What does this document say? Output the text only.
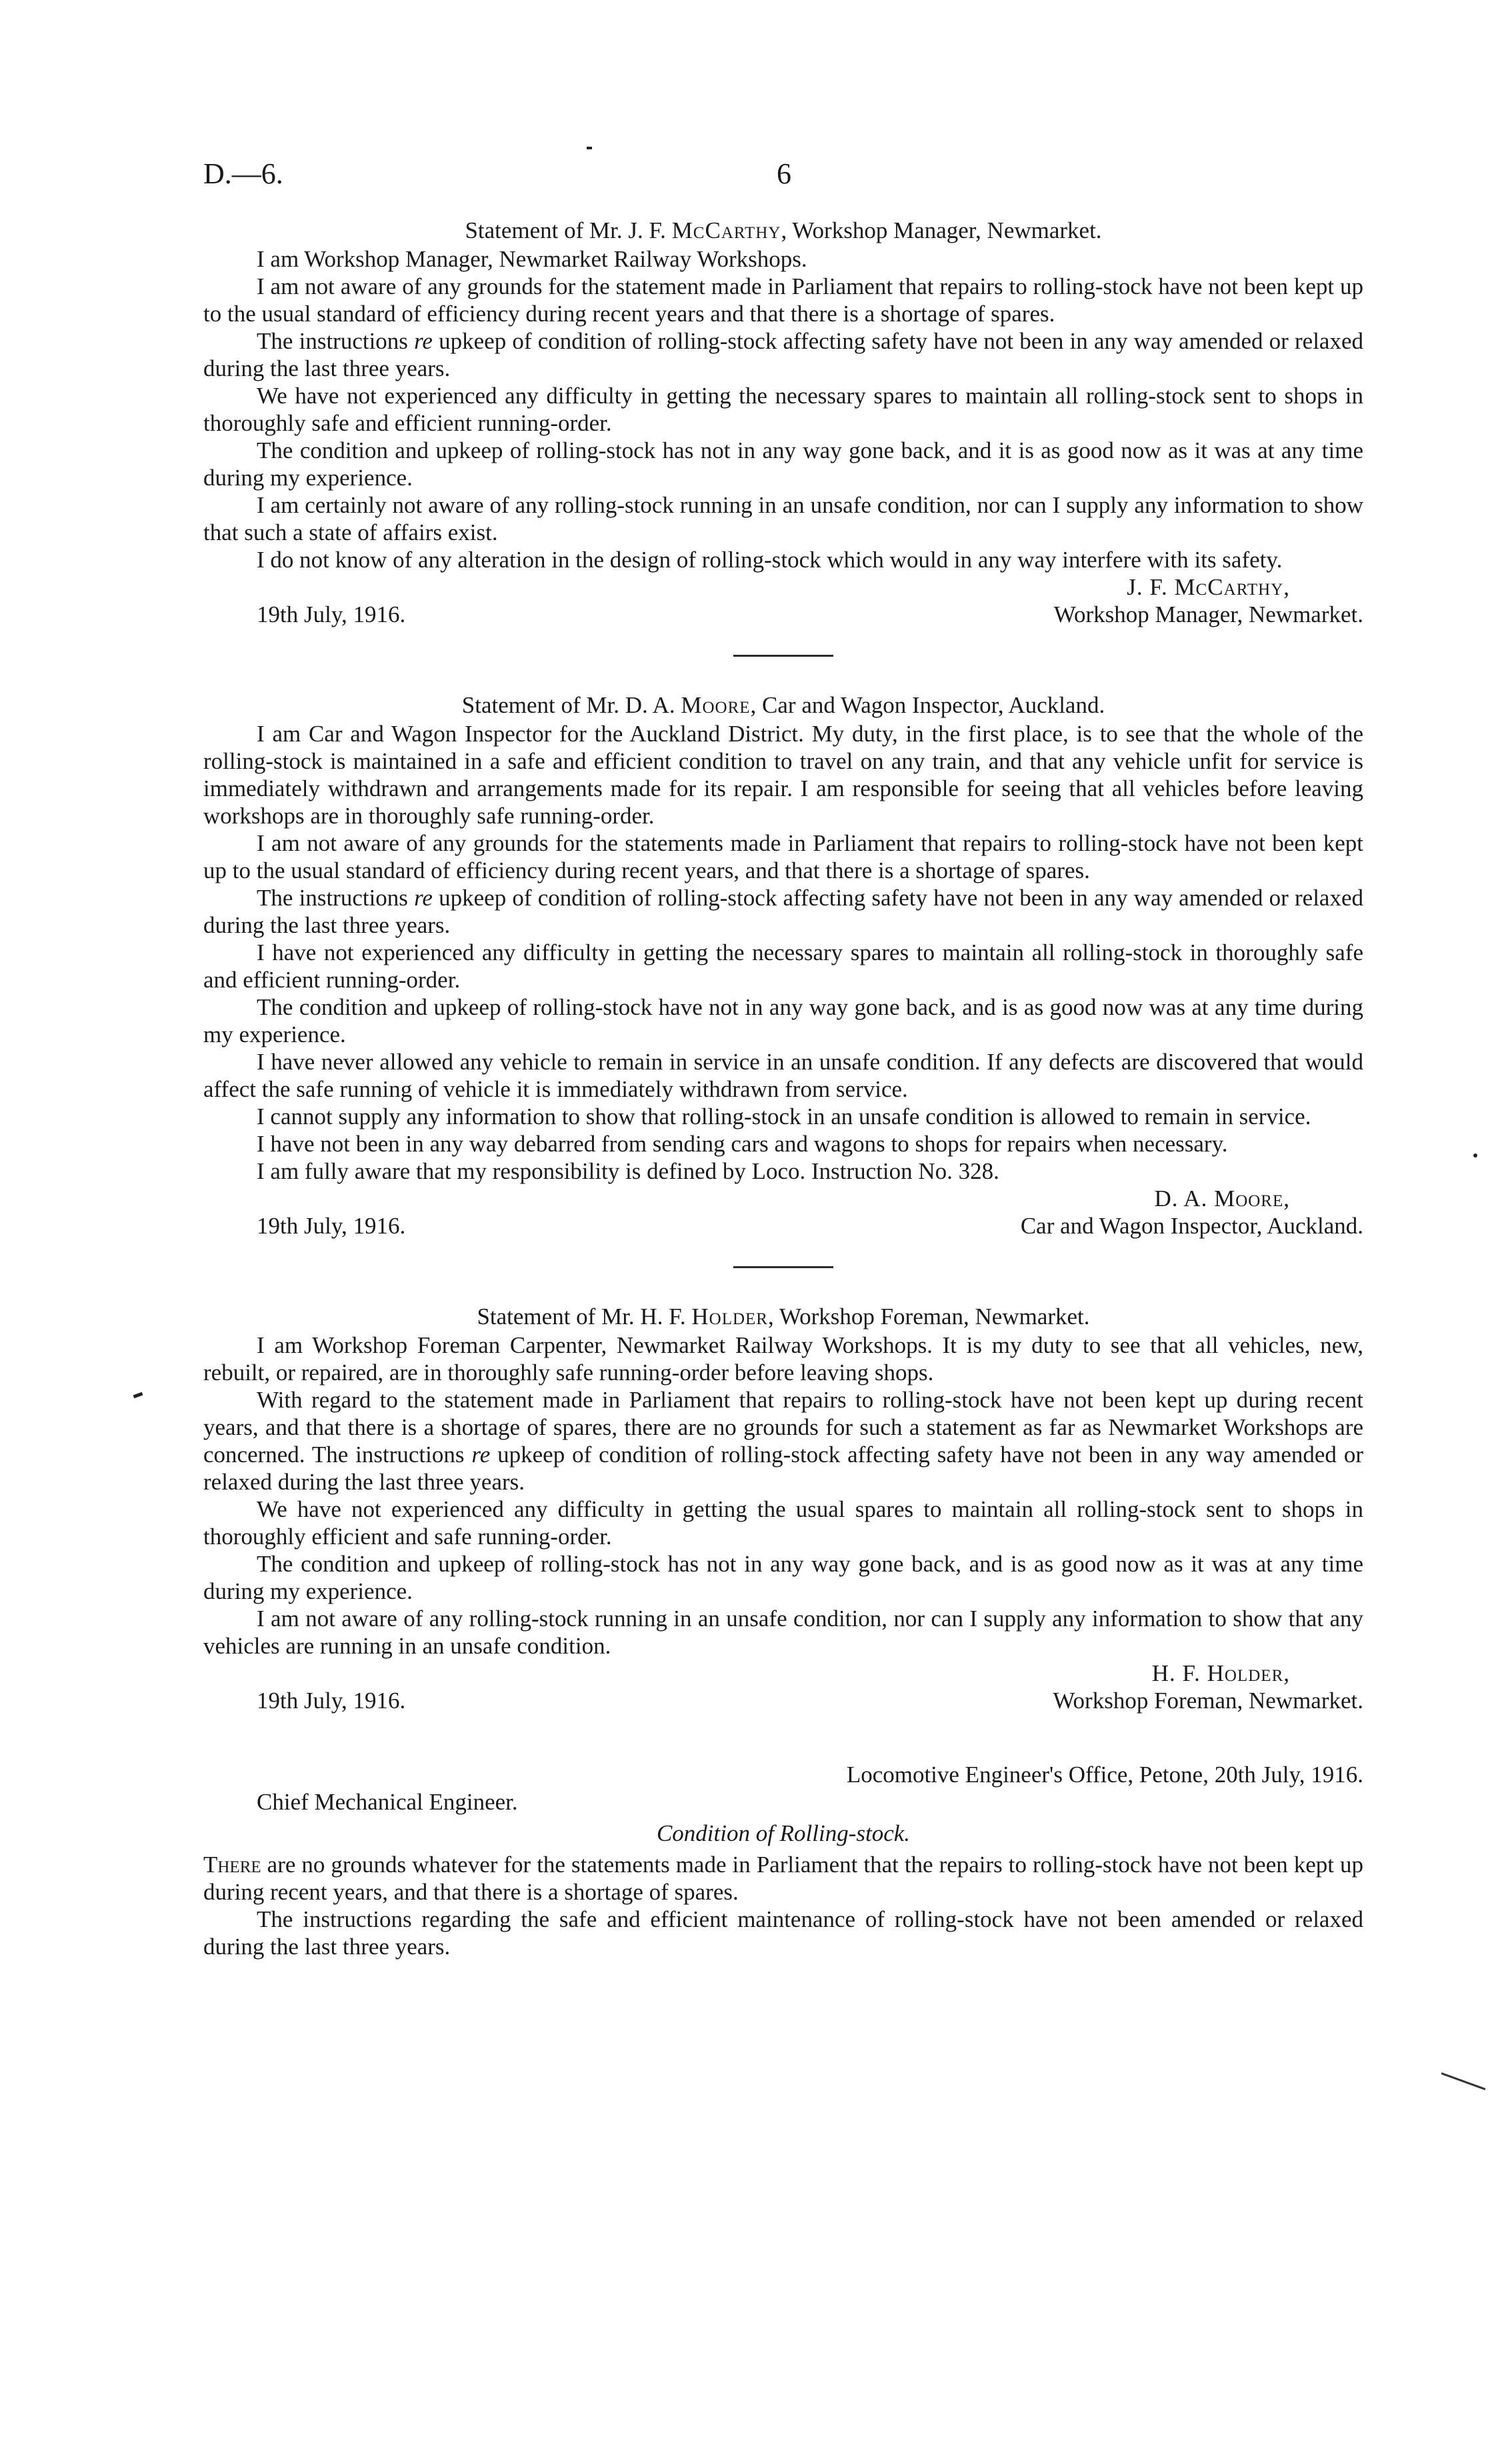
D.—6.	6

Statement of Mr. J. F. McCarthy, Workshop Manager, Newmarket.

I am Workshop Manager, Newmarket Railway Workshops.

I am not aware of any grounds for the statement made in Parliament that repairs to rolling-stock have not been kept up to the usual standard of efficiency during recent years and that there is a shortage of spares.

The instructions re upkeep of condition of rolling-stock affecting safety have not been in any way amended or relaxed during the last three years.

We have not experienced any difficulty in getting the necessary spares to maintain all rolling-stock sent to shops in thoroughly safe and efficient running-order.

The condition and upkeep of rolling-stock has not in any way gone back, and it is as good now as it was at any time during my experience.

I am certainly not aware of any rolling-stock running in an unsafe condition, nor can I supply any information to show that such a state of affairs exist.

I do not know of any alteration in the design of rolling-stock which would in any way interfere with its safety.

J. F. McCarthy,
19th July, 1916.	Workshop Manager, Newmarket.

Statement of Mr. D. A. Moore, Car and Wagon Inspector, Auckland.

I am Car and Wagon Inspector for the Auckland District. My duty, in the first place, is to see that the whole of the rolling-stock is maintained in a safe and efficient condition to travel on any train, and that any vehicle unfit for service is immediately withdrawn and arrangements made for its repair. I am responsible for seeing that all vehicles before leaving workshops are in thoroughly safe running-order.

I am not aware of any grounds for the statements made in Parliament that repairs to rolling-stock have not been kept up to the usual standard of efficiency during recent years, and that there is a shortage of spares.

The instructions re upkeep of condition of rolling-stock affecting safety have not been in any way amended or relaxed during the last three years.

I have not experienced any difficulty in getting the necessary spares to maintain all rolling-stock in thoroughly safe and efficient running-order.

The condition and upkeep of rolling-stock have not in any way gone back, and is as good now was at any time during my experience.

I have never allowed any vehicle to remain in service in an unsafe condition. If any defects are discovered that would affect the safe running of vehicle it is immediately withdrawn from service.

I cannot supply any information to show that rolling-stock in an unsafe condition is allowed to remain in service.

I have not been in any way debarred from sending cars and wagons to shops for repairs when necessary.

I am fully aware that my responsibility is defined by Loco. Instruction No. 328.

D. A. Moore,
19th July, 1916.	Car and Wagon Inspector, Auckland.

Statement of Mr. H. F. Holder, Workshop Foreman, Newmarket.

I am Workshop Foreman Carpenter, Newmarket Railway Workshops. It is my duty to see that all vehicles, new, rebuilt, or repaired, are in thoroughly safe running-order before leaving shops.

With regard to the statement made in Parliament that repairs to rolling-stock have not been kept up during recent years, and that there is a shortage of spares, there are no grounds for such a statement as far as Newmarket Workshops are concerned. The instructions re upkeep of condition of rolling-stock affecting safety have not been in any way amended or relaxed during the last three years.

We have not experienced any difficulty in getting the usual spares to maintain all rolling-stock sent to shops in thoroughly efficient and safe running-order.

The condition and upkeep of rolling-stock has not in any way gone back, and is as good now as it was at any time during my experience.

I am not aware of any rolling-stock running in an unsafe condition, nor can I supply any information to show that any vehicles are running in an unsafe condition.

H. F. Holder,
19th July, 1916.	Workshop Foreman, Newmarket.
Locomotive Engineer's Office, Petone, 20th July, 1916.
Chief Mechanical Engineer.

Condition of Rolling-stock.

There are no grounds whatever for the statements made in Parliament that the repairs to rolling-stock have not been kept up during recent years, and that there is a shortage of spares.

The instructions regarding the safe and efficient maintenance of rolling-stock have not been amended or relaxed during the last three years.
